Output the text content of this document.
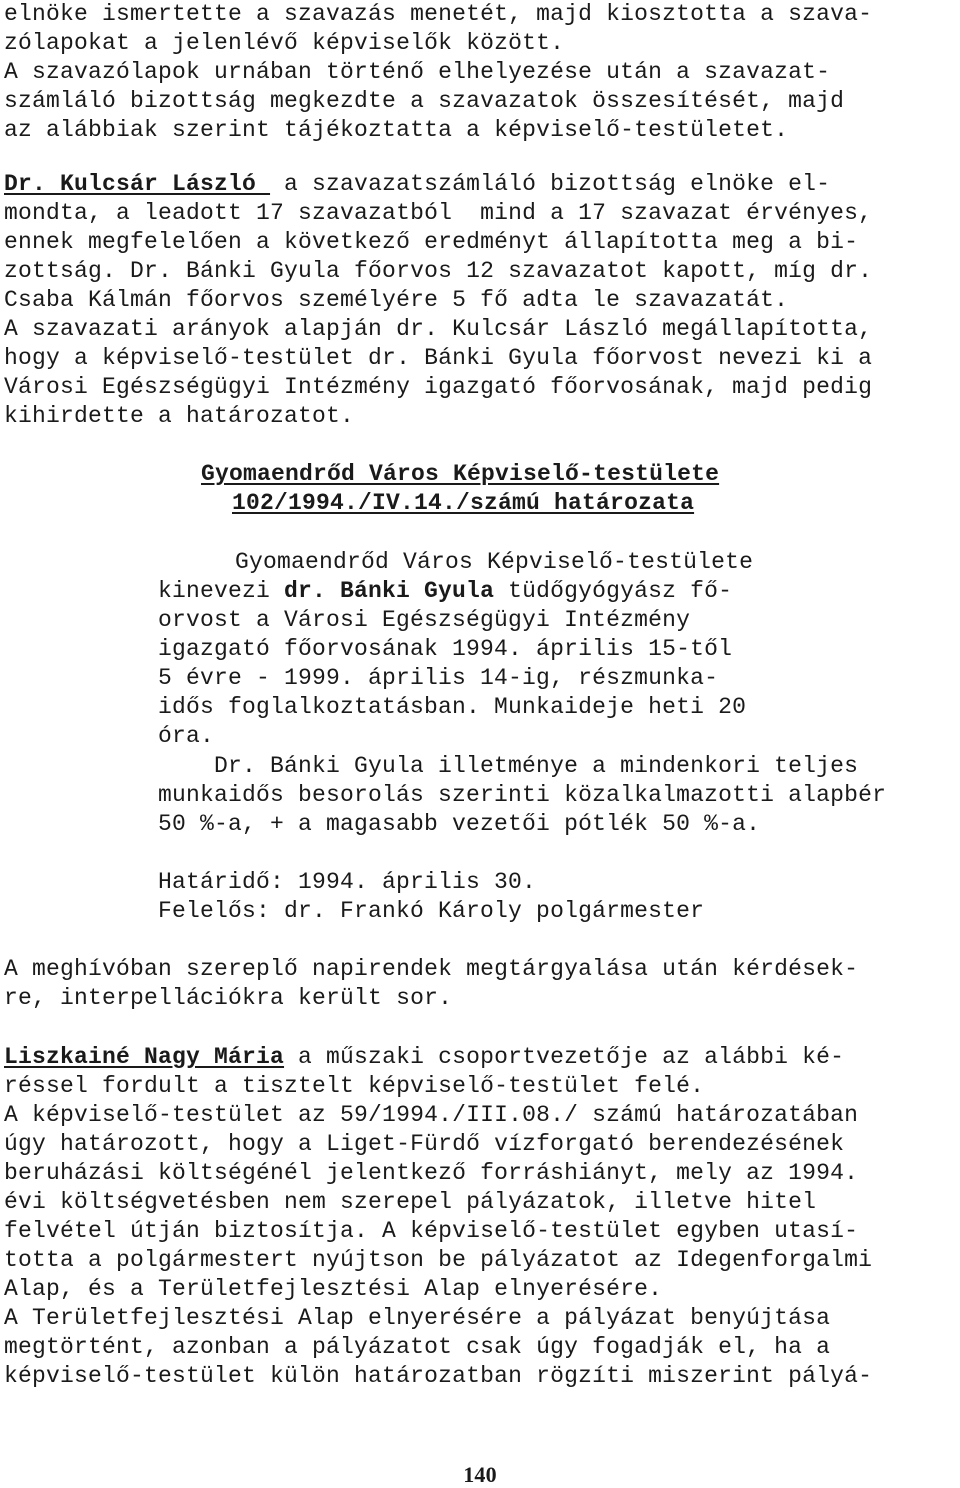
elnöke ismertette a szavazás menetét, majd kiosztotta a szava-
zólapokat a jelenlévő képviselők között.
A szavazólapok urnában történő elhelyezése után a szavazat-
számláló bizottság megkezdte a szavazatok összesítését, majd
az alábbiak szerint tájékoztatta a képviselő-testületet.
Dr. Kulcsár László  a szavazatszámláló bizottság elnöke el-
mondta, a leadott 17 szavazatból  mind a 17 szavazat érvényes,
ennek megfelelően a következő eredményt állapította meg a bi-
zottság. Dr. Bánki Gyula főorvos 12 szavazatot kapott, míg dr.
Csaba Kálmán főorvos személyére 5 fő adta le szavazatát.
A szavazati arányok alapján dr. Kulcsár László megállapította,
hogy a képviselő-testület dr. Bánki Gyula főorvost nevezi ki a
Városi Egészségügyi Intézmény igazgató főorvosának, majd pedig
kihirdette a határozatot.
Gyomaendrőd Város Képviselő-testülete
102/1994./IV.14./számú határozata
Gyomaendrőd Város Képviselő-testülete
kinevezi dr. Bánki Gyula tüdőgyógyász fő-
orvost a Városi Egészségügyi Intézmény
igazgató főorvosának 1994. április 15-től
5 évre - 1999. április 14-ig, részmunka-
idős foglalkoztatásban. Munkaideje heti 20
óra.
Dr. Bánki Gyula illetménye a mindenkori teljes
munkaidős besorolás szerinti közalkalmazotti alapbér
50 %-a, + a magasabb vezetői pótlék 50 %-a.
Határidő: 1994. április 30.
Felelős: dr. Frankó Károly polgármester
A meghívóban szereplő napirendek megtárgyalása után kérdések-
re, interpellációkra került sor.
Liszkainé Nagy Mária a műszaki csoportvezetője az alábbi ké-
réssel fordult a tisztelt képviselő-testület felé.
A képviselő-testület az 59/1994./III.08./ számú határozatában
úgy határozott, hogy a Liget-Fürdő vízforgató berendezésének
beruházási költségénél jelentkező forráshiányt, mely az 1994.
évi költségvetésben nem szerepel pályázatok, illetve hitel
felvétel útján biztosítja. A képviselő-testület egyben utasí-
totta a polgármestert nyújtson be pályázatot az Idegenforgalmi
Alap, és a Területfejlesztési Alap elnyerésére.
A Területfejlesztési Alap elnyerésére a pályázat benyújtása
megtörtént, azonban a pályázatot csak úgy fogadják el, ha a
képviselő-testület külön határozatban rögzíti miszerint pályá-
140
